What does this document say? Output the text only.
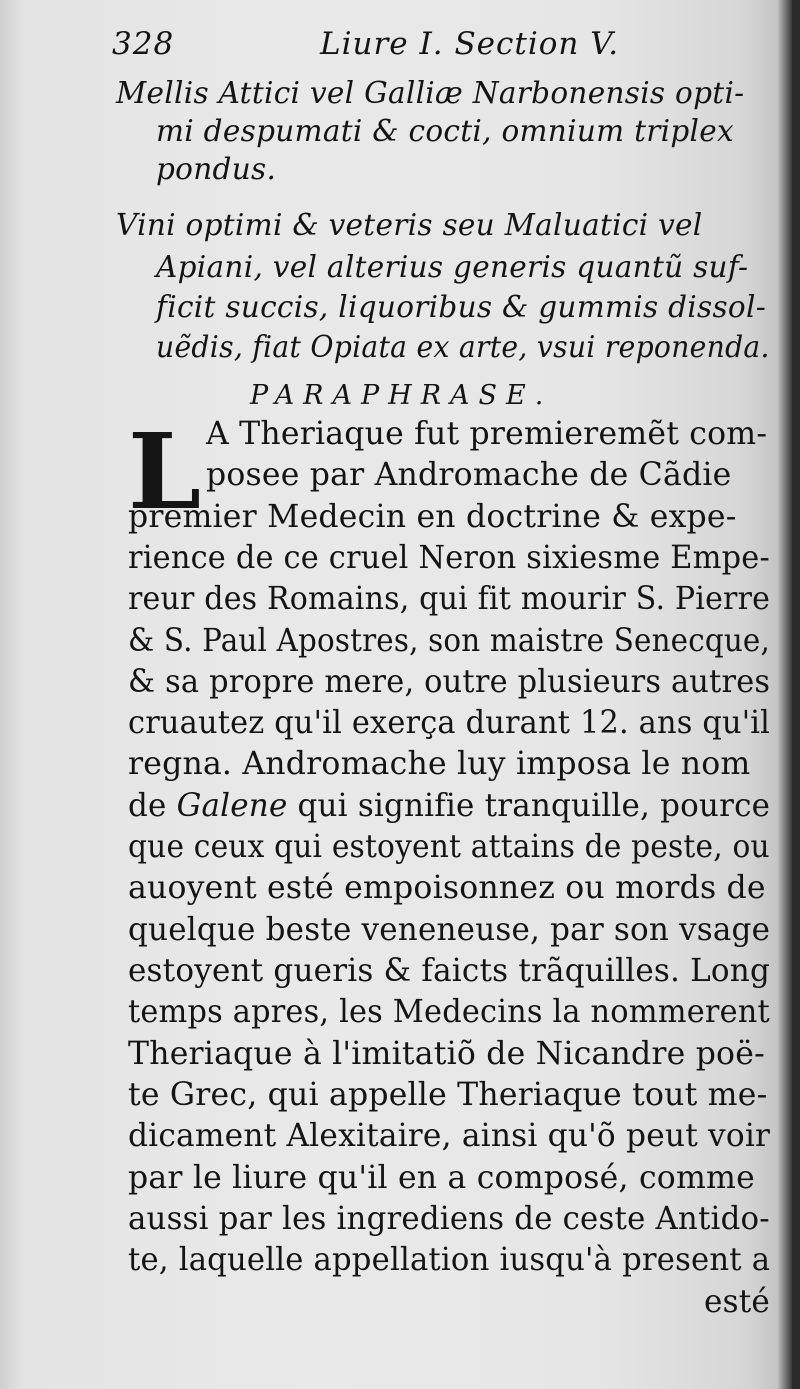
328	Liure I. Section V.
Mellis Attici vel Galliæ Narbonensis opti-
mi despumati & cocti, omnium triplex
pondus.
Vini optimi & veteris seu Maluatici vel
Apiani, vel alterius generis quantũ suf-
ficit succis, liquoribus & gummis dissol-
uẽdis, fiat Opiata ex arte, vsui reponenda.
PARAPHRASE.
L A Theriaque fut premieremẽt com-
posee par Andromache de Cãdie
premier Medecin en doctrine & expe-
rience de ce cruel Neron sixiesme Empe-
reur des Romains, qui fit mourir S. Pierre
& S. Paul Apostres, son maistre Senecque,
& sa propre mere, outre plusieurs autres
cruautez qu'il exerça durant 12. ans qu'il
regna. Andromache luy imposa le nom
de Galene qui signifie tranquille, pource
que ceux qui estoyent attains de peste, ou
auoyent esté empoisonnez ou mords de
quelque beste veneneuse, par son vsage
estoyent gueris & faicts trãquilles. Long
temps apres, les Medecins la nommerent
Theriaque à l'imitatiõ de Nicandre poë-
te Grec, qui appelle Theriaque tout me-
dicament Alexitaire, ainsi qu'õ peut voir
par le liure qu'il en a composé, comme
aussi par les ingrediens de ceste Antido-
te, laquelle appellation iusqu'à present a
esté
